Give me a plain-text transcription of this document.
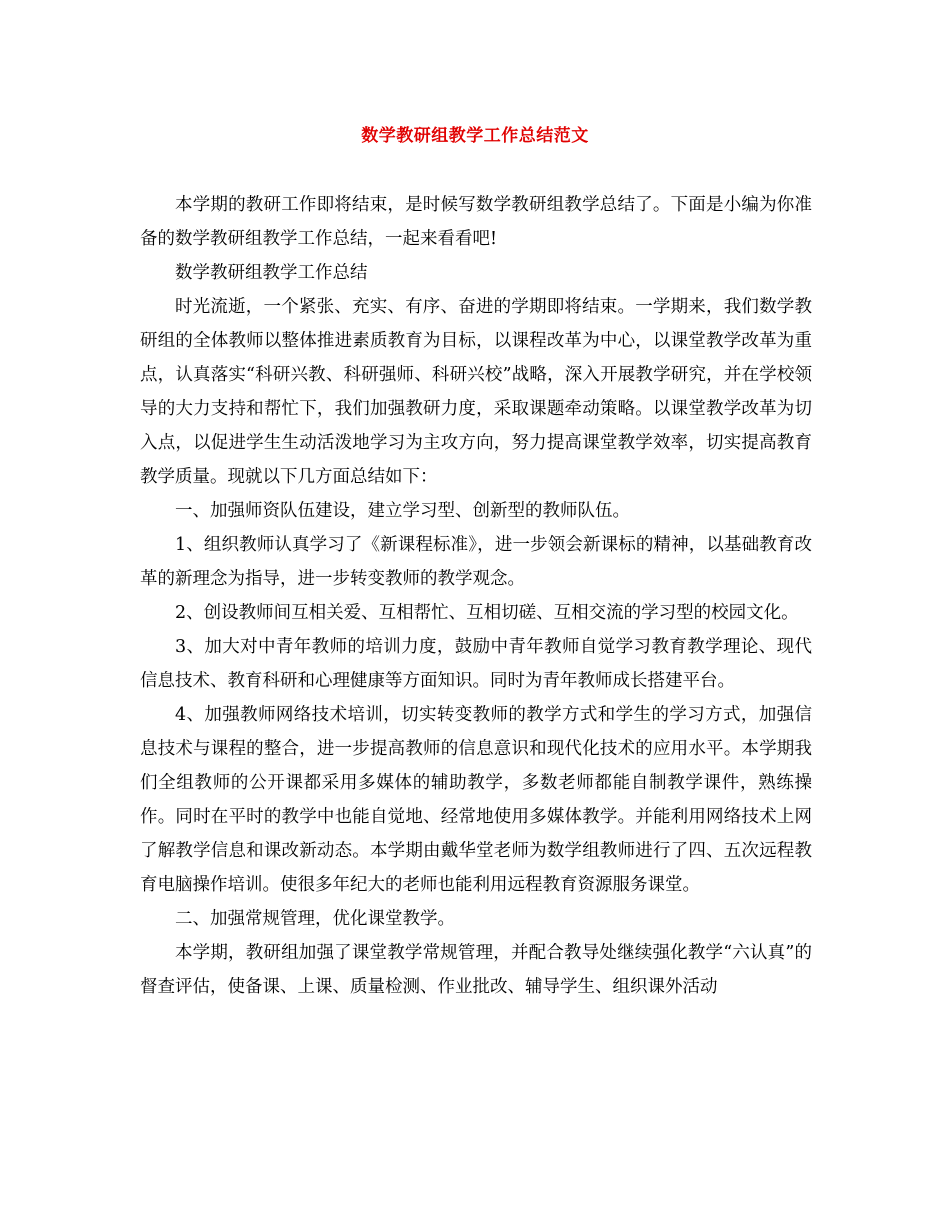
数学教研组教学工作总结范文

本学期的教研工作即将结束，是时候写数学教研组教学总结了。下面是小编为你准备的数学教研组教学工作总结，一起来看看吧!

数学教研组教学工作总结

时光流逝，一个紧张、充实、有序、奋进的学期即将结束。一学期来，我们数学教研组的全体教师以整体推进素质教育为目标，以课程改革为中心，以课堂教学改革为重点，认真落实“科研兴教、科研强师、科研兴校”战略，深入开展教学研究，并在学校领导的大力支持和帮忙下，我们加强教研力度，采取课题牵动策略。以课堂教学改革为切入点，以促进学生生动活泼地学习为主攻方向，努力提高课堂教学效率，切实提高教育教学质量。现就以下几方面总结如下：

一、加强师资队伍建设，建立学习型、创新型的教师队伍。

1、组织教师认真学习了《新课程标准》，进一步领会新课标的精神，以基础教育改革的新理念为指导，进一步转变教师的教学观念。

2、创设教师间互相关爱、互相帮忙、互相切磋、互相交流的学习型的校园文化。

3、加大对中青年教师的培训力度，鼓励中青年教师自觉学习教育教学理论、现代信息技术、教育科研和心理健康等方面知识。同时为青年教师成长搭建平台。

4、加强教师网络技术培训，切实转变教师的教学方式和学生的学习方式，加强信息技术与课程的整合，进一步提高教师的信息意识和现代化技术的应用水平。本学期我们全组教师的公开课都采用多媒体的辅助教学，多数老师都能自制教学课件，熟练操作。同时在平时的教学中也能自觉地、经常地使用多媒体教学。并能利用网络技术上网了解教学信息和课改新动态。本学期由戴华堂老师为数学组教师进行了四、五次远程教育电脑操作培训。使很多年纪大的老师也能利用远程教育资源服务课堂。

二、加强常规管理，优化课堂教学。

本学期，教研组加强了课堂教学常规管理，并配合教导处继续强化教学“六认真”的督查评估，使备课、上课、质量检测、作业批改、辅导学生、组织课外活动
